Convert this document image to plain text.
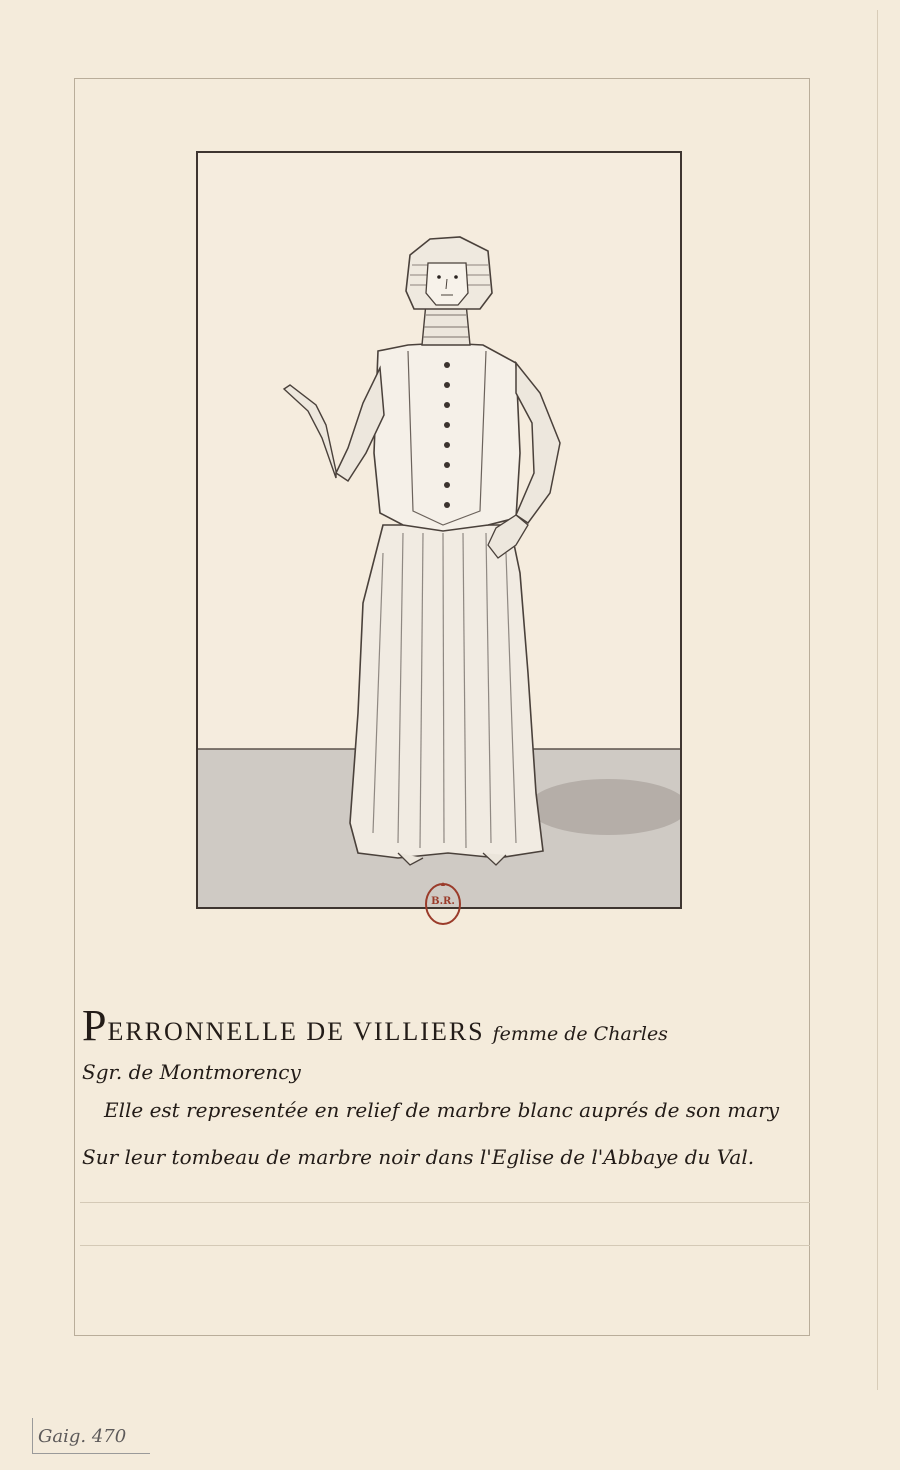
B.R.
PERRONNELLE DE VILLIERS femme de Charles
Sgr. de Montmorency
Elle est representée en relief de marbre blanc auprés de son mary
Sur leur tombeau de marbre noir dans l'Eglise de l'Abbaye du Val.
Gaig. 470
